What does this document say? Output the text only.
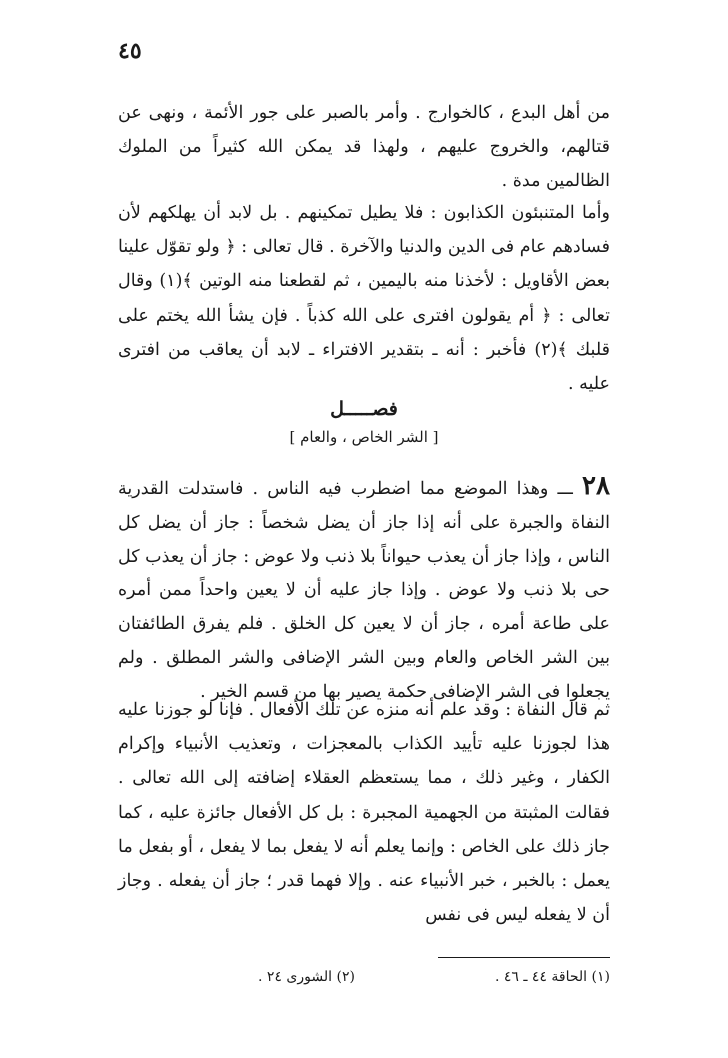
٤٥

من أهل البدع ، كالخوارج . وأمر بالصبر على جور الأئمة ، ونهى عن قتالهم، والخروج عليهم ، ولهذا قد يمكن الله كثيراً من الملوك الظالمين مدة .

وأما المتنبئون الكذابون : فلا يطيل تمكينهم . بل لابد أن يهلكهم لأن فسادهم عام فى الدين والدنيا والآخرة . قال تعالى : ﴿ ولو تقوّل علينا بعض الأقاويل : لأخذنا منه باليمين ، ثم لقطعنا منه الوتين ﴾(١) وقال تعالى : ﴿ أم يقولون افترى على الله كذباً . فإن يشأ الله يختم على قلبك ﴾(٢) فأخبر : أنه ـ بتقدير الافتراء ـ لابد أن يعاقب من افترى عليه .

فصـــــل
[ الشر الخاص ، والعام ]

٢٨ ـــ وهذا الموضع مما اضطرب فيه الناس . فاستدلت القدرية النفاة والجبرة على أنه إذا جاز أن يضل شخصاً : جاز أن يضل كل الناس ، وإذا جاز أن يعذب حيواناً بلا ذنب ولا عوض : جاز أن يعذب كل حى بلا ذنب ولا عوض . وإذا جاز عليه أن لا يعين واحداً ممن أمره على طاعة أمره ، جاز أن لا يعين كل الخلق . فلم يفرق الطائفتان بين الشر الخاص والعام وبين الشر الإضافى والشر المطلق . ولم يجعلوا فى الشر الإضافى حكمة يصير بها من قسم الخير .

ثم قال النفاة : وقد علم أنه منزه عن تلك الأفعال . فإنا لو جوزنا عليه هذا لجوزنا عليه تأييد الكذاب بالمعجزات ، وتعذيب الأنبياء وإكرام الكفار ، وغير ذلك ، مما يستعظم العقلاء إضافته إلى الله تعالى . فقالت المثبتة من الجهمية المجبرة : بل كل الأفعال جائزة عليه ، كما جاز ذلك على الخاص : وإنما يعلم أنه لا يفعل بما لا يفعل ، أو بفعل ما يعمل : بالخبر ، خبر الأنبياء عنه . وإلا فهما قدر ؛ جاز أن يفعله . وجاز أن لا يفعله ليس فى نفس

(١) الحاقة ٤٤ ـ ٤٦ .
(٢) الشورى ٢٤ .
